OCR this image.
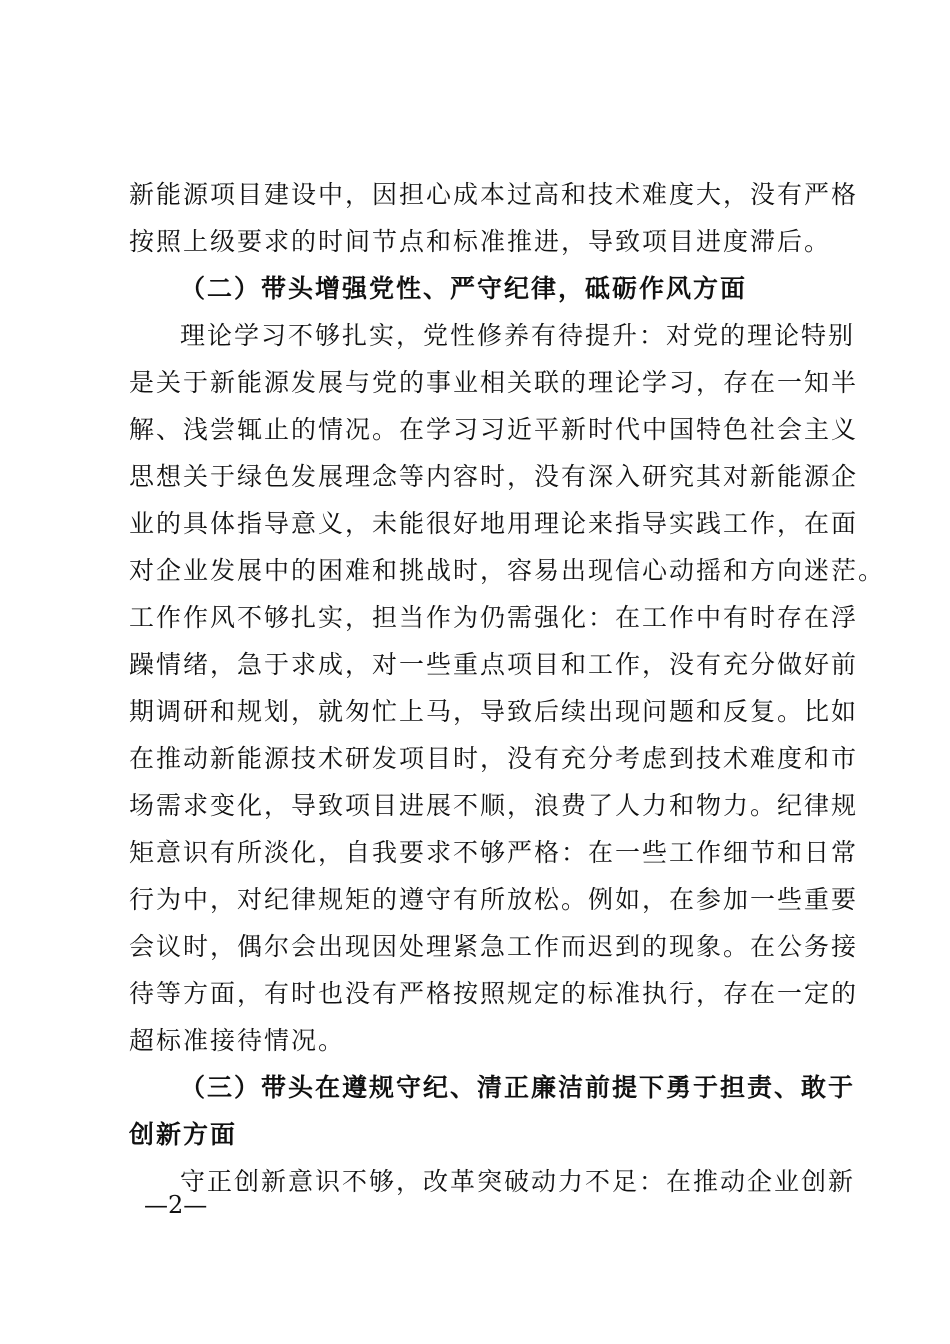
新能源项目建设中，因担心成本过高和技术难度大，没有严格
按照上级要求的时间节点和标准推进，导致项目进度滞后。
（二）带头增强党性、严守纪律，砥砺作风方面
理论学习不够扎实，党性修养有待提升：对党的理论特别
是关于新能源发展与党的事业相关联的理论学习，存在一知半
解、浅尝辄止的情况。在学习习近平新时代中国特色社会主义
思想关于绿色发展理念等内容时，没有深入研究其对新能源企
业的具体指导意义，未能很好地用理论来指导实践工作，在面
对企业发展中的困难和挑战时，容易出现信心动摇和方向迷茫。
工作作风不够扎实，担当作为仍需强化：在工作中有时存在浮
躁情绪，急于求成，对一些重点项目和工作，没有充分做好前
期调研和规划，就匆忙上马，导致后续出现问题和反复。比如
在推动新能源技术研发项目时，没有充分考虑到技术难度和市
场需求变化，导致项目进展不顺，浪费了人力和物力。纪律规
矩意识有所淡化，自我要求不够严格：在一些工作细节和日常
行为中，对纪律规矩的遵守有所放松。例如，在参加一些重要
会议时，偶尔会出现因处理紧急工作而迟到的现象。在公务接
待等方面，有时也没有严格按照规定的标准执行，存在一定的
超标准接待情况。
（三）带头在遵规守纪、清正廉洁前提下勇于担责、敢于
创新方面
守正创新意识不够，改革突破动力不足：在推动企业创新
—2—
